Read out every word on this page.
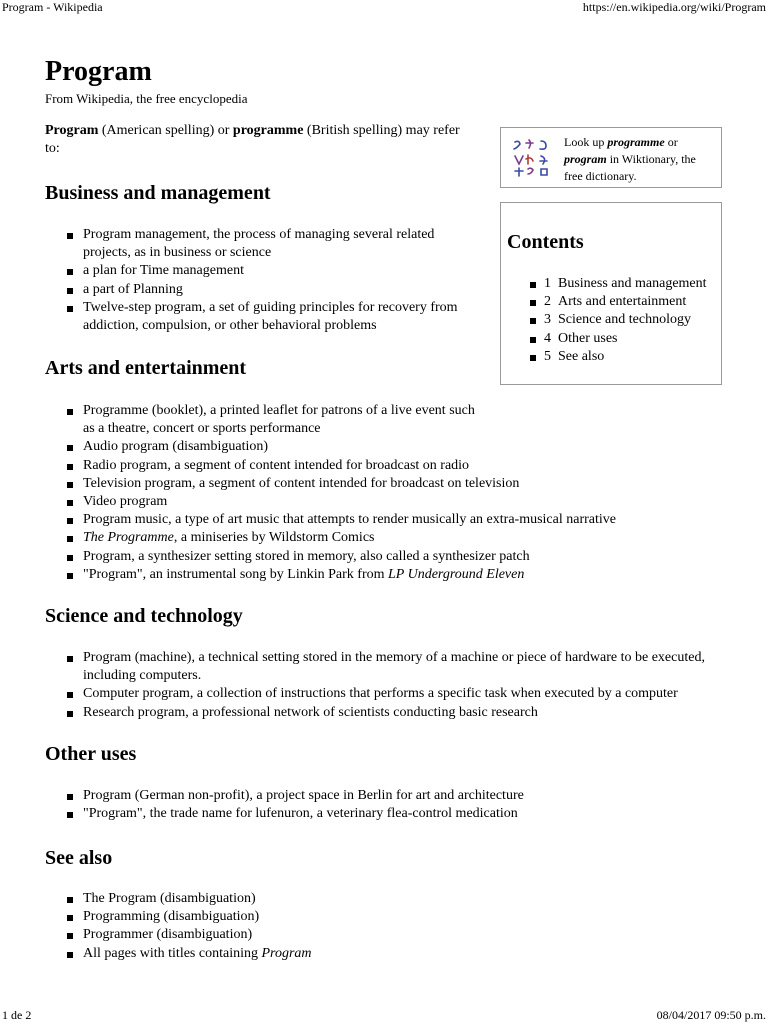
Program - Wikipedia	https://en.wikipedia.org/wiki/Program
Program
From Wikipedia, the free encyclopedia
Program (American spelling) or programme (British spelling) may refer to:	Look up programme or program in Wiktionary, the free dictionary.
Contents
1 Business and management
2 Arts and entertainment
3 Science and technology
4 Other uses
5 See also
Business and management
Program management, the process of managing several related projects, as in business or science
a plan for Time management
a part of Planning
Twelve-step program, a set of guiding principles for recovery from addiction, compulsion, or other behavioral problems
Arts and entertainment
Programme (booklet), a printed leaflet for patrons of a live event such as a theatre, concert or sports performance
Audio program (disambiguation)
Radio program, a segment of content intended for broadcast on radio
Television program, a segment of content intended for broadcast on television
Video program
Program music, a type of art music that attempts to render musically an extra-musical narrative
The Programme, a miniseries by Wildstorm Comics
Program, a synthesizer setting stored in memory, also called a synthesizer patch
"Program", an instrumental song by Linkin Park from LP Underground Eleven
Science and technology
Program (machine), a technical setting stored in the memory of a machine or piece of hardware to be executed, including computers.
Computer program, a collection of instructions that performs a specific task when executed by a computer
Research program, a professional network of scientists conducting basic research
Other uses
Program (German non-profit), a project space in Berlin for art and architecture
"Program", the trade name for lufenuron, a veterinary flea-control medication
See also
The Program (disambiguation)
Programming (disambiguation)
Programmer (disambiguation)
All pages with titles containing Program
1 de 2	08/04/2017 09:50 p.m.
